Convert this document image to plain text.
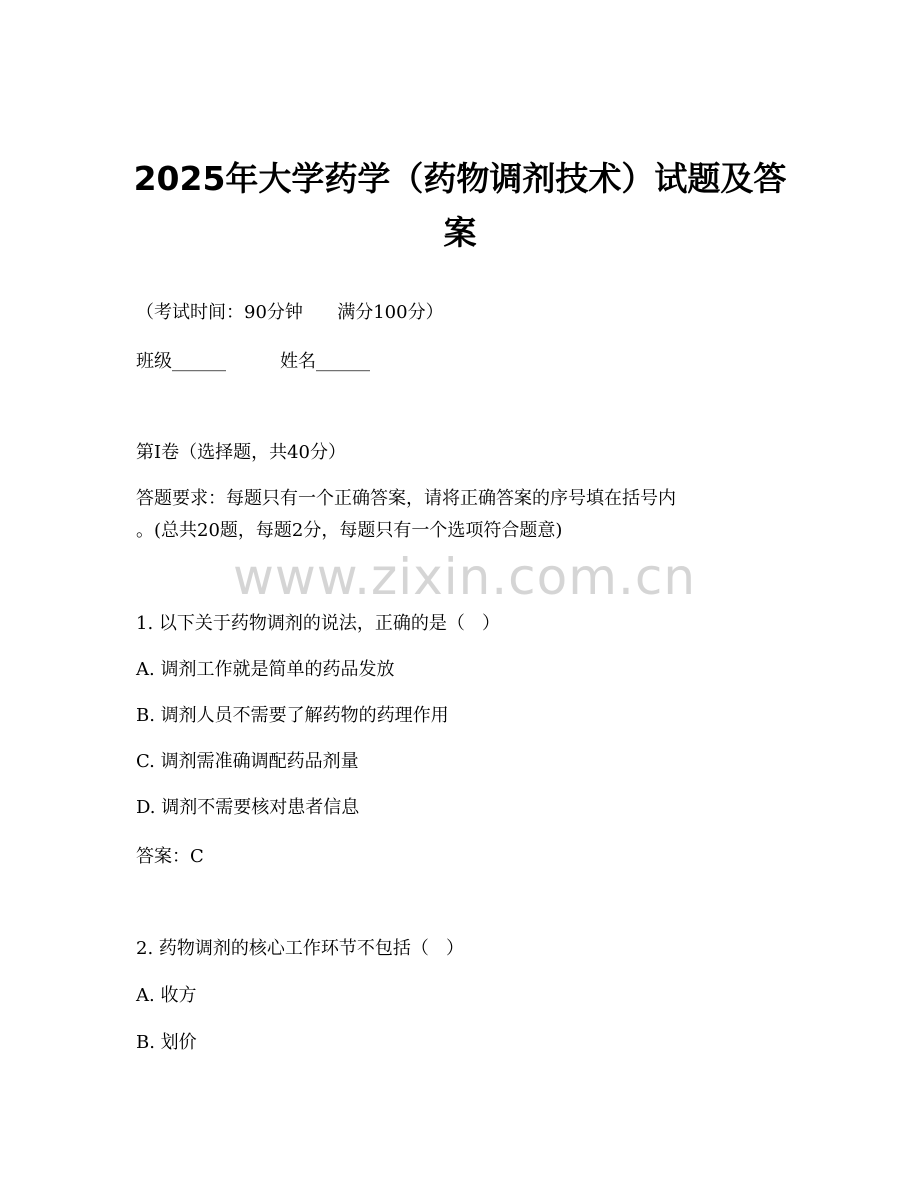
2025年大学药学（药物调剂技术）试题及答
案
（考试时间：90分钟      满分100分）
班级______	姓名______
第I卷（选择题，共40分）
答题要求：每题只有一个正确答案，请将正确答案的序号填在括号内
。(总共20题，每题2分，每题只有一个选项符合题意)
www.zixin.com.cn
1. 以下关于药物调剂的说法，正确的是（   ）
A. 调剂工作就是简单的药品发放
B. 调剂人员不需要了解药物的药理作用
C. 调剂需准确调配药品剂量
D. 调剂不需要核对患者信息
答案：C
2. 药物调剂的核心工作环节不包括（   ）
A. 收方
B. 划价
